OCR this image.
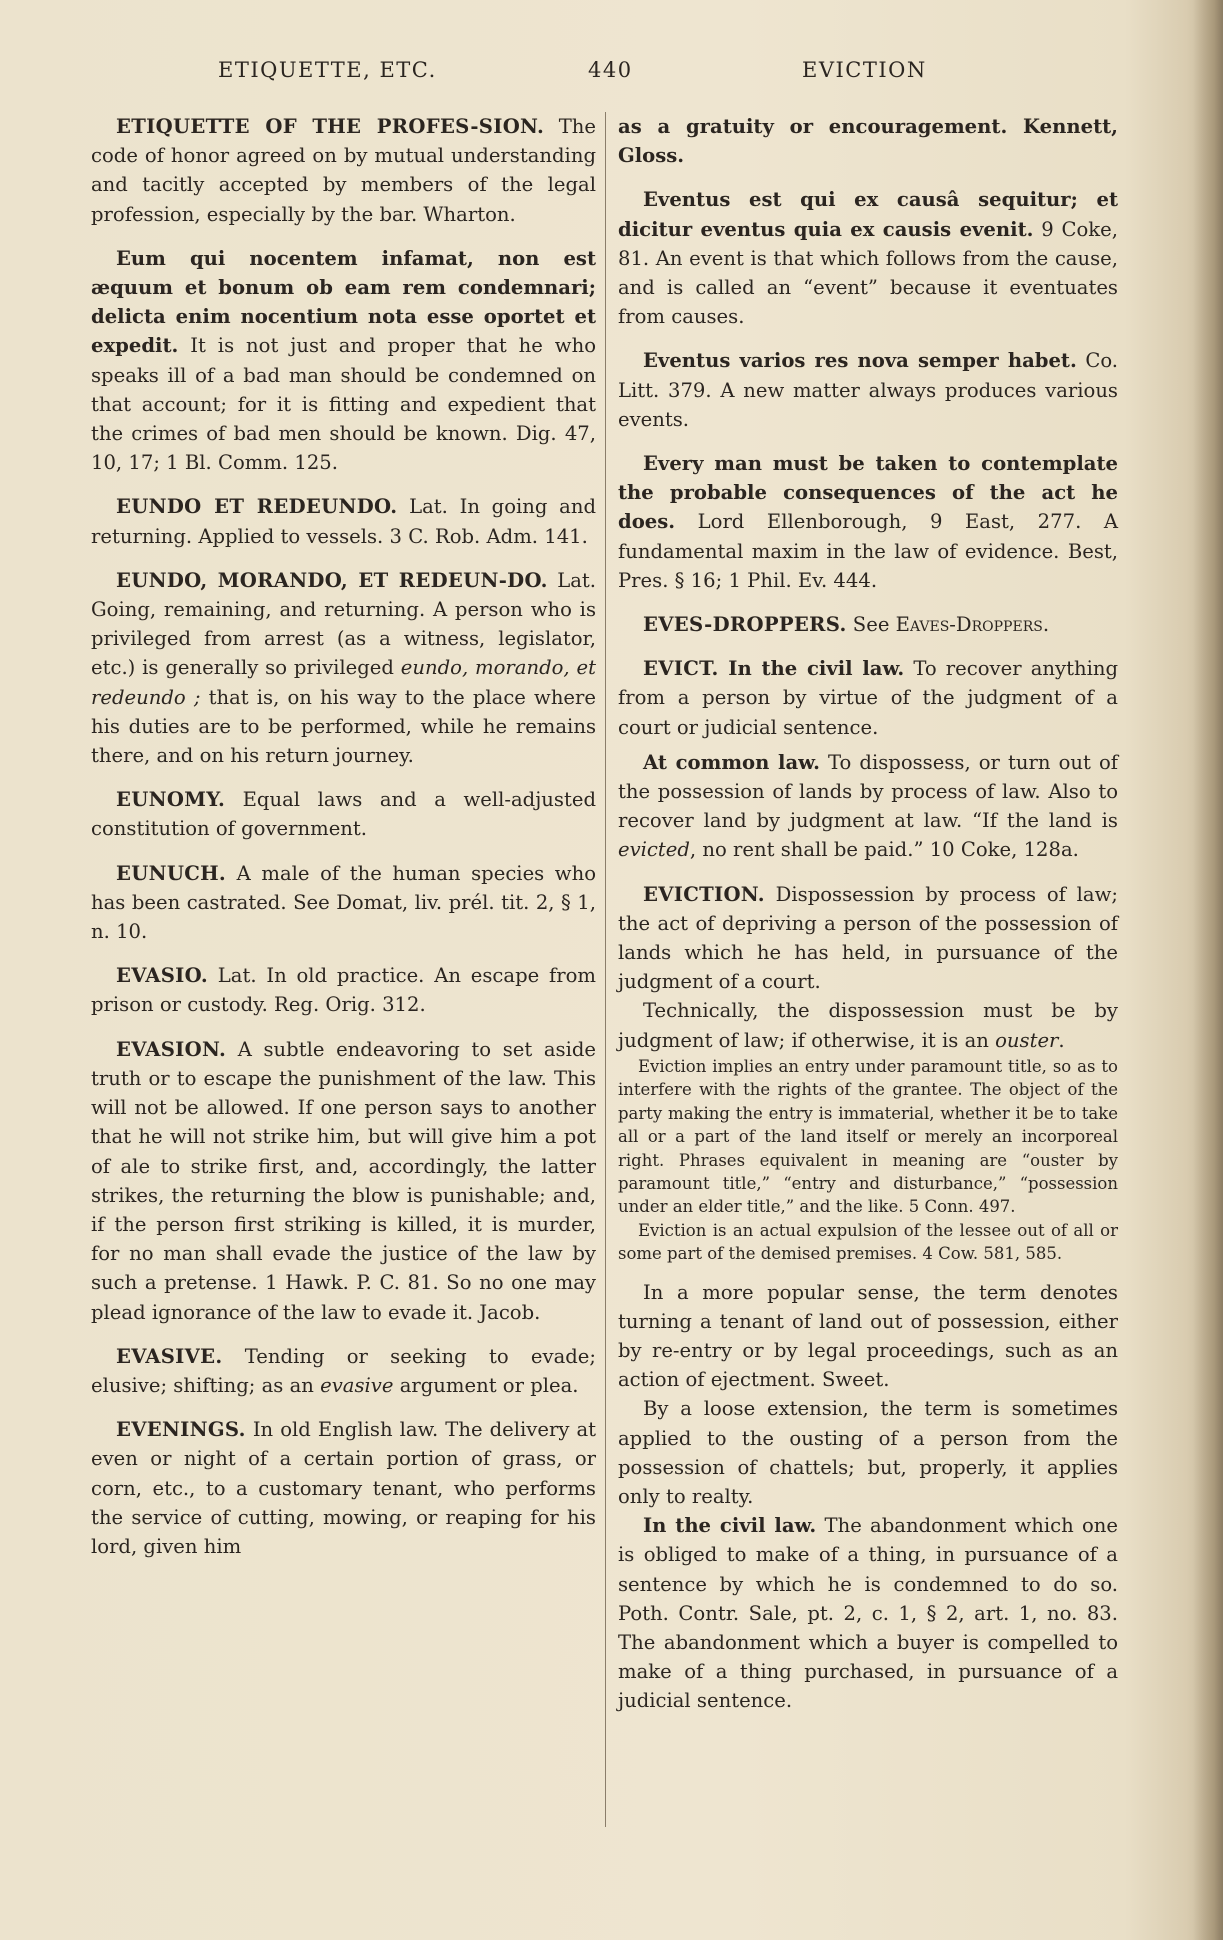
ETIQUETTE, ETC.	440	EVICTION

ETIQUETTE OF THE PROFES-SION. The code of honor agreed on by mutual understanding and tacitly accepted by members of the legal profession, especially by the bar. Wharton.

Eum qui nocentem infamat, non est æquum et bonum ob eam rem condemnari; delicta enim nocentium nota esse oportet et expedit. It is not just and proper that he who speaks ill of a bad man should be condemned on that account; for it is fitting and expedient that the crimes of bad men should be known. Dig. 47, 10, 17; 1 Bl. Comm. 125.

EUNDO ET REDEUNDO. Lat. In going and returning. Applied to vessels. 3 C. Rob. Adm. 141.

EUNDO, MORANDO, ET REDEUN-DO. Lat. Going, remaining, and returning. A person who is privileged from arrest (as a witness, legislator, etc.) is generally so privileged eundo, morando, et redeundo ; that is, on his way to the place where his duties are to be performed, while he remains there, and on his return journey.

EUNOMY. Equal laws and a well-adjusted constitution of government.

EUNUCH. A male of the human species who has been castrated. See Domat, liv. prél. tit. 2, § 1, n. 10.

EVASIO. Lat. In old practice. An escape from prison or custody. Reg. Orig. 312.

EVASION. A subtle endeavoring to set aside truth or to escape the punishment of the law. This will not be allowed. If one person says to another that he will not strike him, but will give him a pot of ale to strike first, and, accordingly, the latter strikes, the returning the blow is punishable; and, if the person first striking is killed, it is murder, for no man shall evade the justice of the law by such a pretense. 1 Hawk. P. C. 81. So no one may plead ignorance of the law to evade it. Jacob.

EVASIVE. Tending or seeking to evade; elusive; shifting; as an evasive argument or plea.

EVENINGS. In old English law. The delivery at even or night of a certain portion of grass, or corn, etc., to a customary tenant, who performs the service of cutting, mowing, or reaping for his lord, given him

as a gratuity or encouragement. Kennett, Gloss.

Eventus est qui ex causâ sequitur; et dicitur eventus quia ex causis evenit. 9 Coke, 81. An event is that which follows from the cause, and is called an “event” because it eventuates from causes.

Eventus varios res nova semper habet. Co. Litt. 379. A new matter always produces various events.

Every man must be taken to contemplate the probable consequences of the act he does. Lord Ellenborough, 9 East, 277. A fundamental maxim in the law of evidence. Best, Pres. § 16; 1 Phil. Ev. 444.

EVES-DROPPERS. See Eaves-Droppers.

EVICT. In the civil law. To recover anything from a person by virtue of the judgment of a court or judicial sentence.

At common law. To dispossess, or turn out of the possession of lands by process of law. Also to recover land by judgment at law. “If the land is evicted, no rent shall be paid.” 10 Coke, 128a.

EVICTION. Dispossession by process of law; the act of depriving a person of the possession of lands which he has held, in pursuance of the judgment of a court.

Technically, the dispossession must be by judgment of law; if otherwise, it is an ouster.

Eviction implies an entry under paramount title, so as to interfere with the rights of the grantee. The object of the party making the entry is immaterial, whether it be to take all or a part of the land itself or merely an incorporeal right. Phrases equivalent in meaning are “ouster by paramount title,” “entry and disturbance,” “possession under an elder title,” and the like. 5 Conn. 497.

Eviction is an actual expulsion of the lessee out of all or some part of the demised premises. 4 Cow. 581, 585.

In a more popular sense, the term denotes turning a tenant of land out of possession, either by re-entry or by legal proceedings, such as an action of ejectment. Sweet.

By a loose extension, the term is sometimes applied to the ousting of a person from the possession of chattels; but, properly, it applies only to realty.

In the civil law. The abandonment which one is obliged to make of a thing, in pursuance of a sentence by which he is condemned to do so. Poth. Contr. Sale, pt. 2, c. 1, § 2, art. 1, no. 83. The abandonment which a buyer is compelled to make of a thing purchased, in pursuance of a judicial sentence.
